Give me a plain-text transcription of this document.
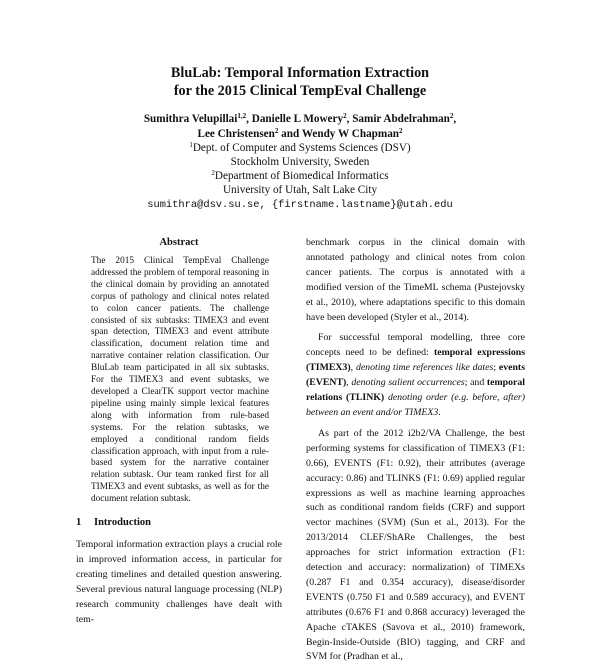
BluLab: Temporal Information Extraction
for the 2015 Clinical TempEval Challenge
Sumithra Velupillai$^{1,2}$, Danielle L Mowery$^2$, Samir Abdelrahman$^2$,
Lee Christensen$^2$ and Wendy W Chapman$^2$
$^1$Dept. of Computer and Systems Sciences (DSV)
Stockholm University, Sweden
$^2$Department of Biomedical Informatics
University of Utah, Salt Lake City
sumithra@dsv.su.se, {firstname.lastname}@utah.edu
Abstract
The 2015 Clinical TempEval Challenge addressed the problem of temporal reasoning in the clinical domain by providing an annotated corpus of pathology and clinical notes related to colon cancer patients. The challenge consisted of six subtasks: TIMEX3 and event span detection, TIMEX3 and event attribute classification, document relation time and narrative container relation classification. Our BluLab team participated in all six subtasks. For the TIMEX3 and event subtasks, we developed a ClearTK support vector machine pipeline using mainly simple lexical features along with information from rule-based systems. For the relation subtasks, we employed a conditional random fields classification approach, with input from a rule-based system for the narrative container relation subtask. Our team ranked first for all TIMEX3 and event subtasks, as well as for the document relation subtask.
1 Introduction
Temporal information extraction plays a crucial role in improved information access, in particular for creating timelines and detailed question answering. Several previous natural language processing (NLP) research community challenges have dealt with tem-

benchmark corpus in the clinical domain with annotated pathology and clinical notes from colon cancer patients. The corpus is annotated with a modified version of the TimeML schema (Pustejovsky et al., 2010), where adaptations specific to this domain have been developed (Styler et al., 2014).

For successful temporal modelling, three core concepts need to be defined: temporal expressions (TIMEX3), denoting time references like dates; events (EVENT), denoting salient occurrences; and temporal relations (TLINK) denoting order (e.g. before, after) between an event and/or TIMEX3.

As part of the 2012 i2b2/VA Challenge, the best performing systems for classification of TIMEX3 (F1: 0.66), EVENTS (F1: 0.92), their attributes (average accuracy: 0.86) and TLINKS (F1: 0.69) applied regular expressions as well as machine learning approaches such as conditional random fields (CRF) and support vector machines (SVM) (Sun et al., 2013). For the 2013/2014 CLEF/ShARe Challenges, the best approaches for strict information extraction (F1: detection and accuracy: normalization) of TIMEXs (0.287 F1 and 0.354 accuracy), disease/disorder EVENTS (0.750 F1 and 0.589 accuracy), and EVENT attributes (0.676 F1 and 0.868 accuracy) leveraged the Apache cTAKES (Savova et al., 2010) framework, Begin-Inside-Outside (BIO) tagging, and CRF and SVM for (Pradhan et al.,
